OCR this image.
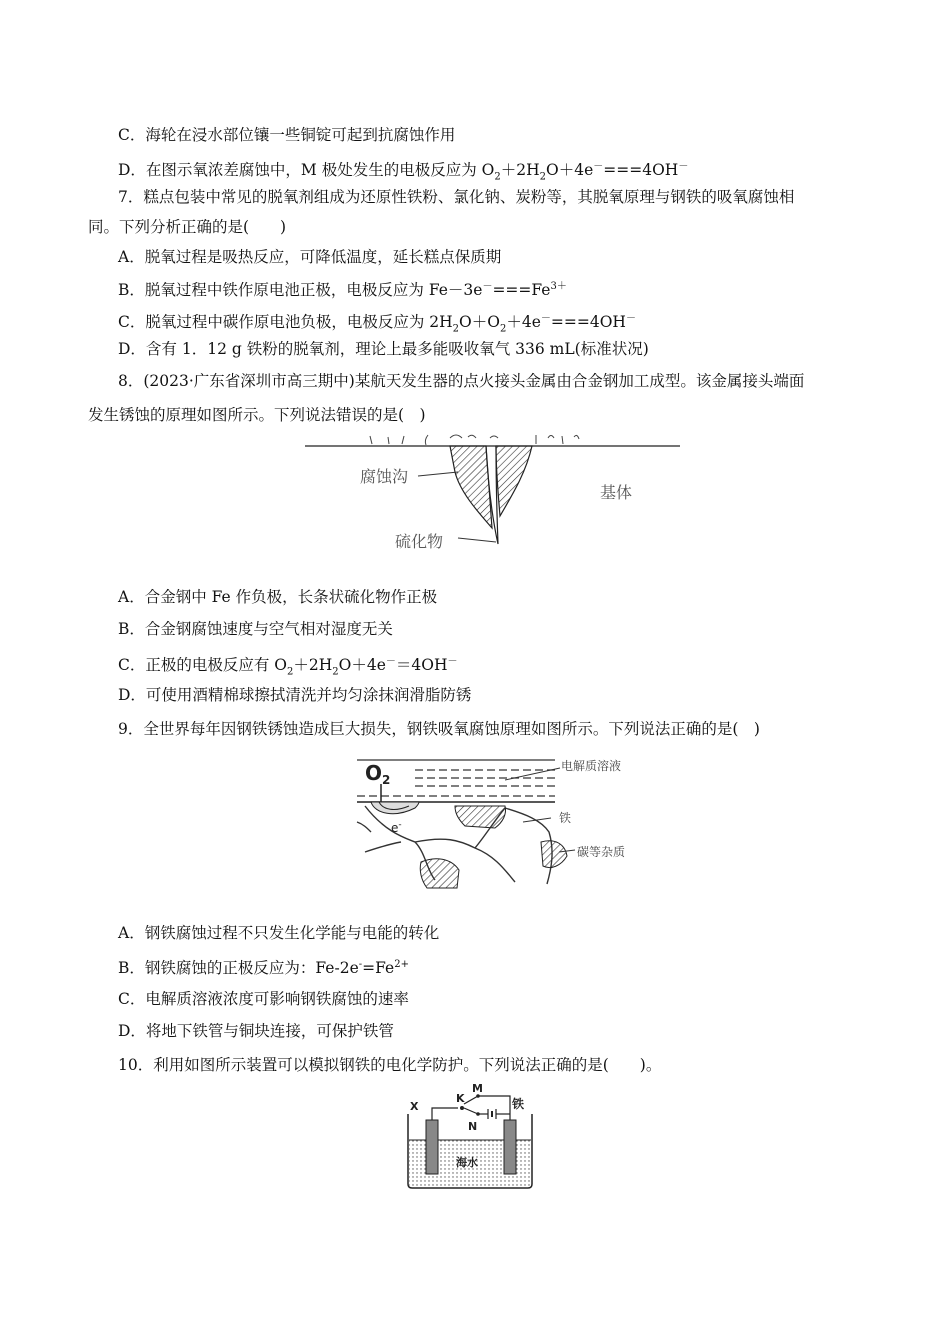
C．海轮在浸水部位镶一些铜锭可起到抗腐蚀作用
D．在图示氧浓差腐蚀中，M 极处发生的电极反应为 $O_2+2H_2O+4e^-===4OH^-$
7．糕点包装中常见的脱氧剂组成为还原性铁粉、氯化钠、炭粉等，其脱氧原理与钢铁的吸氧腐蚀相
同。下列分析正确的是(　　)
A．脱氧过程是吸热反应，可降低温度，延长糕点保质期
B．脱氧过程中铁作原电池正极，电极反应为 $Fe-3e^-===Fe^{3+}$
C．脱氧过程中碳作原电池负极，电极反应为 $2H_2O+O_2+4e^-===4OH^-$
D．含有 1．12 g 铁粉的脱氧剂，理论上最多能吸收氧气 336 mL(标准状况)
8．(2023·广东省深圳市高三期中)某航天发生器的点火接头金属由合金钢加工成型。该金属接头端面
发生锈蚀的原理如图所示。下列说法错误的是(　)
腐蚀沟
基体
硫化物
A．合金钢中 Fe 作负极，长条状硫化物作正极
B．合金钢腐蚀速度与空气相对湿度无关
C．正极的电极反应有 $O_2+2H_2O+4e^-=4OH^-$
D．可使用酒精棉球擦拭清洗并均匀涂抹润滑脂防锈
9．全世界每年因钢铁锈蚀造成巨大损失，钢铁吸氧腐蚀原理如图所示。下列说法正确的是(　)
$O_2$
e-
电解质溶液
铁
碳等杂质
A．钢铁腐蚀过程不只发生化学能与电能的转化
B．钢铁腐蚀的正极反应为：$Fe-2e^-=Fe^{2+}$
C．电解质溶液浓度可影响钢铁腐蚀的速率
D．将地下铁管与铜块连接，可保护铁管
10．利用如图所示装置可以模拟钢铁的电化学防护。下列说法正确的是(　　)。
X
K
M
N
铁
海水
